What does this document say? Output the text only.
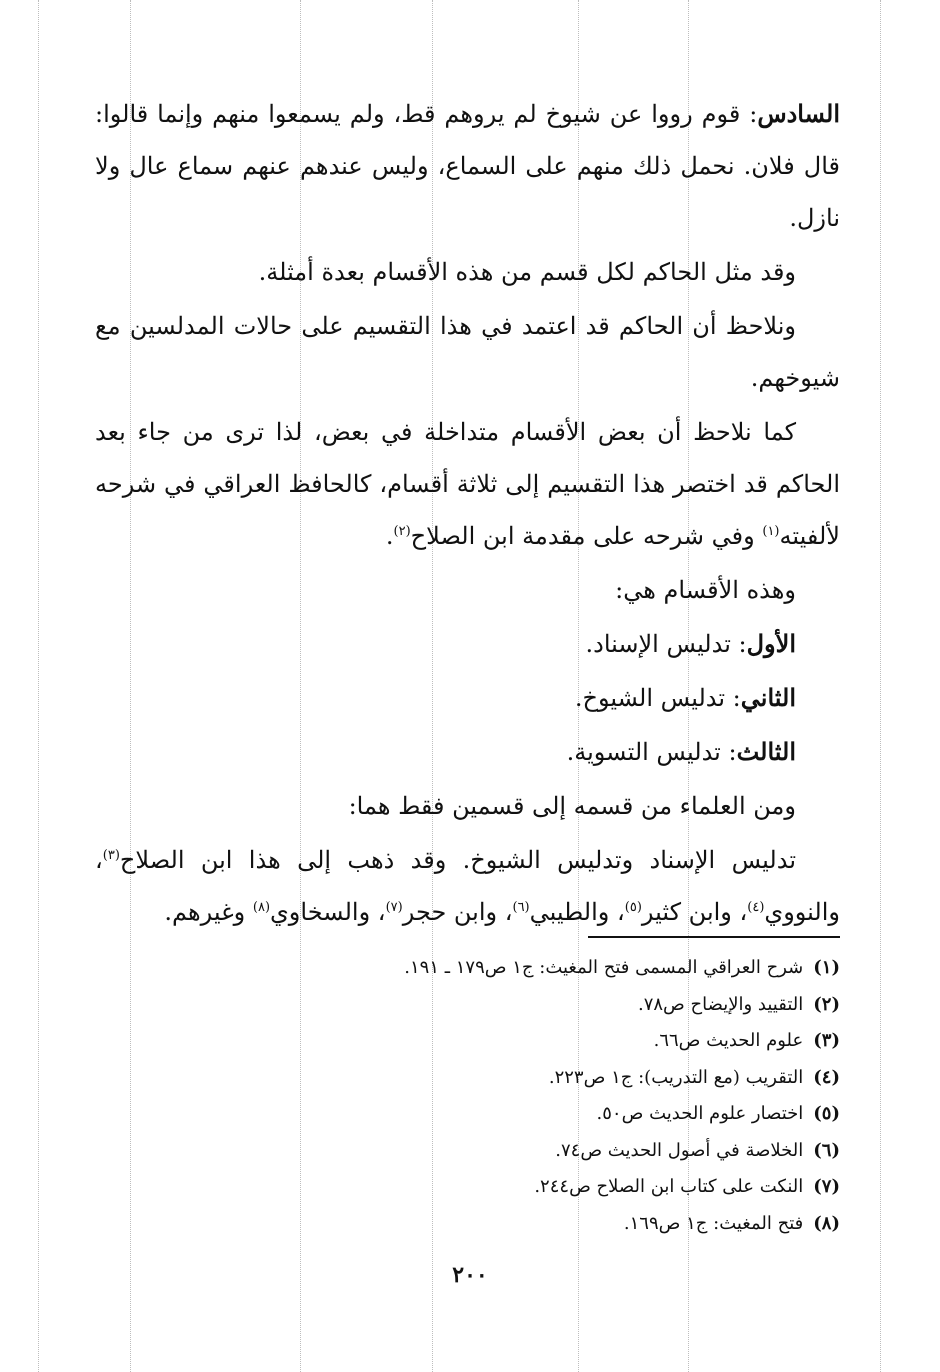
السادس: قوم رووا عن شيوخ لم يروهم قط، ولم يسمعوا منهم وإنما قالوا: قال فلان. نحمل ذلك منهم على السماع، وليس عندهم عنهم سماع عال ولا نازل.

وقد مثل الحاكم لكل قسم من هذه الأقسام بعدة أمثلة.

ونلاحظ أن الحاكم قد اعتمد في هذا التقسيم على حالات المدلسين مع شيوخهم.

كما نلاحظ أن بعض الأقسام متداخلة في بعض، لذا ترى من جاء بعد الحاكم قد اختصر هذا التقسيم إلى ثلاثة أقسام، كالحافظ العراقي في شرحه لألفيته$^{(١)}$ وفي شرحه على مقدمة ابن الصلاح$^{(٢)}$.

وهذه الأقسام هي:

الأول: تدليس الإسناد.

الثاني: تدليس الشيوخ.

الثالث: تدليس التسوية.

ومن العلماء من قسمه إلى قسمين فقط هما:

تدليس الإسناد وتدليس الشيوخ. وقد ذهب إلى هذا ابن الصلاح$^{(٣)}$، والنووي$^{(٤)}$، وابن كثير$^{(٥)}$، والطيبي$^{(٦)}$، وابن حجر$^{(٧)}$، والسخاوي$^{(٨)}$ وغيرهم.

(١)شرح العراقي المسمى فتح المغيث: ج١ ص١٧٩ ـ ١٩١.
(٢)التقييد والإيضاح ص٧٨.
(٣)علوم الحديث ص٦٦.
(٤)التقريب (مع التدريب): ج١ ص٢٢٣.
(٥)اختصار علوم الحديث ص٥٠.
(٦)الخلاصة في أصول الحديث ص٧٤.
(٧)النكت على كتاب ابن الصلاح ص٢٤٤.
(٨)فتح المغيث: ج١ ص١٦٩.
٢٠٠
